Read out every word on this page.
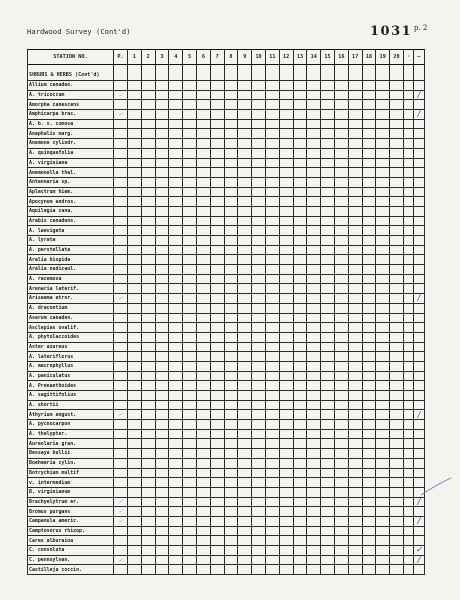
Hardwood Survey (Cont'd)	1031 p. 2
STATION NO.	P.	1	2	3	4	5	6	7	8	9	10	11	12	13	14	15	16	17	18	19	20	·	–
SHRUBS & HERBS (Cont'd)																							
Allium canaden.																							
A. tricoccum	✓																						/
Amorpha canescens																							
Amphicarpa brac.	✓																						/
A. b. v. comosa																							
Anaphalis marg.																							
Anemone cylindr.																							
A. quinquefolia																							
A. virginiana																							
Anemonella thal.																							
Antennaria sp.																							
Aplectrum hiem.																							
Apocynum andros.																							
Aquilegia cana.																							
Arabis canadens.																							
A. laevigata																							
A. lyrata																							
A. perstellata																							
Aralia hispida																							
Aralia nudicaul.																							
A. racemosa																							
Arenaria laterif.																							
Arisaema atror.	✓																						/
A. dracontium																							
Asarum canaden.																							
Asclepias ovalif.																							
A. phytolaccoides																							
Aster azureus																							
A. lateriflorus																							
A. macrophyllus																							
A. paniculatus																							
A. Prenanthoides																							
A. sagittifolius																							
A. shortii																							
Athyrium angust.	✓																						/
A. pycnocarpon																							
A. thelypter.																							
Aureolaria gran.																							
Bessaya bullii																							
Boehmeria cylin.																							
Botrychium multif																							
v. intermedium																							
B. virginianum																							
Brachyelytrum er.	✓																						/
Bromus purgans	✓																						
Campanula americ.	✓																						/
Camptosorus rhizop.																							
Carex alburaina																							
C. convoluta																							✓
C. pennsylvan.	✓																						/
Castilleja coccin.																							
